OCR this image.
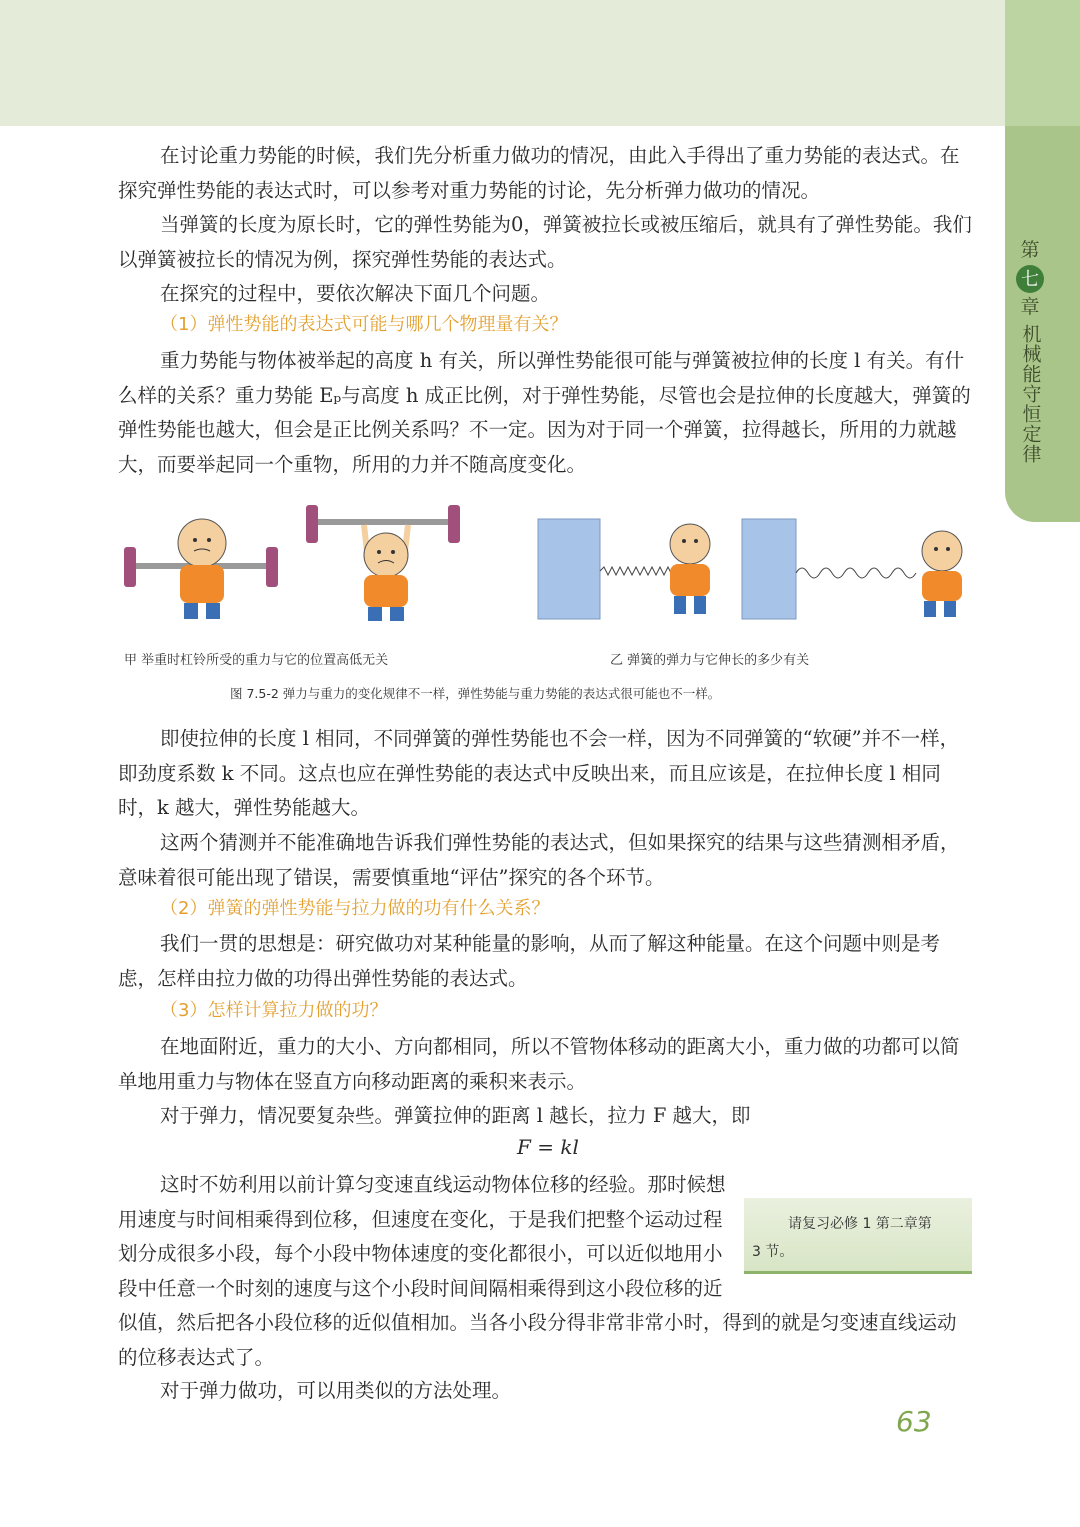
第
七
章
机械能守恒定律

在讨论重力势能的时候，我们先分析重力做功的情况，由此入手得出了重力势能的表达式。在探究弹性势能的表达式时，可以参考对重力势能的讨论，先分析弹力做功的情况。

当弹簧的长度为原长时，它的弹性势能为0，弹簧被拉长或被压缩后，就具有了弹性势能。我们以弹簧被拉长的情况为例，探究弹性势能的表达式。

在探究的过程中，要依次解决下面几个问题。

（1）弹性势能的表达式可能与哪几个物理量有关？

重力势能与物体被举起的高度 h 有关，所以弹性势能很可能与弹簧被拉伸的长度 l 有关。有什么样的关系？重力势能 Eₚ与高度 h 成正比例，对于弹性势能，尽管也会是拉伸的长度越大，弹簧的弹性势能也越大，但会是正比例关系吗？不一定。因为对于同一个弹簧，拉得越长，所用的力就越大，而要举起同一个重物，所用的力并不随高度变化。

甲 举重时杠铃所受的重力与它的位置高低无关	乙 弹簧的弹力与它伸长的多少有关
图 7.5-2 弹力与重力的变化规律不一样，弹性势能与重力势能的表达式很可能也不一样。

即使拉伸的长度 l 相同，不同弹簧的弹性势能也不会一样，因为不同弹簧的“软硬”并不一样，即劲度系数 k 不同。这点也应在弹性势能的表达式中反映出来，而且应该是，在拉伸长度 l 相同时，k 越大，弹性势能越大。

这两个猜测并不能准确地告诉我们弹性势能的表达式，但如果探究的结果与这些猜测相矛盾，意味着很可能出现了错误，需要慎重地“评估”探究的各个环节。

（2）弹簧的弹性势能与拉力做的功有什么关系？

我们一贯的思想是：研究做功对某种能量的影响，从而了解这种能量。在这个问题中则是考虑，怎样由拉力做的功得出弹性势能的表达式。

（3）怎样计算拉力做的功？

在地面附近，重力的大小、方向都相同，所以不管物体移动的距离大小，重力做的功都可以简单地用重力与物体在竖直方向移动距离的乘积来表示。

对于弹力，情况要复杂些。弹簧拉伸的距离 l 越长，拉力 F 越大，即

F = kl
请复习必修 1 第二章第
3 节。

这时不妨利用以前计算匀变速直线运动物体位移的经验。那时候想用速度与时间相乘得到位移，但速度在变化，于是我们把整个运动过程划分成很多小段，每个小段中物体速度的变化都很小，可以近似地用小段中任意一个时刻的速度与这个小段时间间隔相乘得到这小段位移的近似值，然后把各小段位移的近似值相加。当各小段分得非常非常小时，得到的就是匀变速直线运动的位移表达式了。

对于弹力做功，可以用类似的方法处理。

63
